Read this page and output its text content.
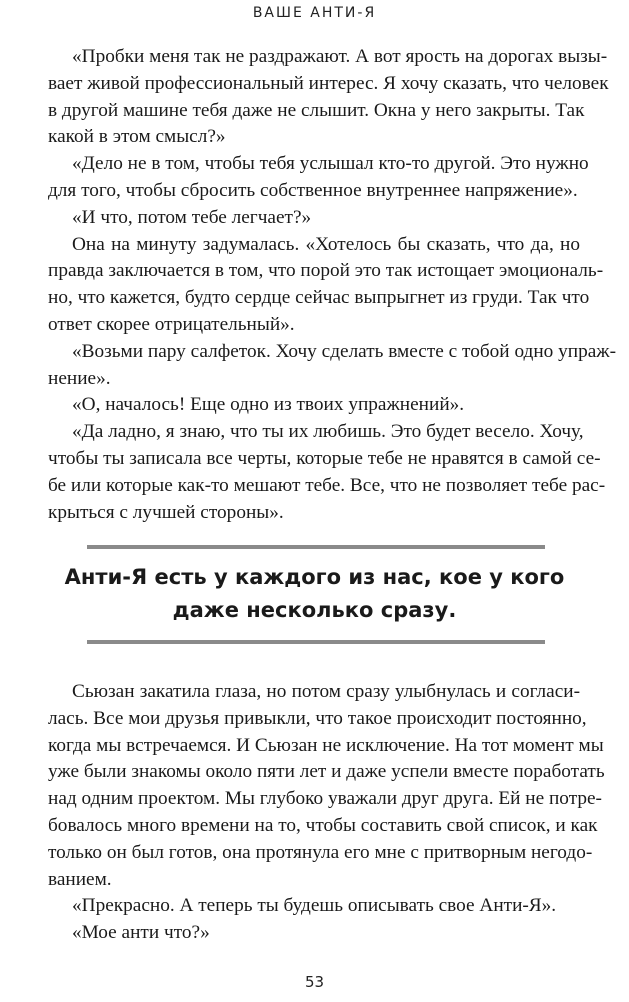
ВАШЕ АНТИ-Я
«Пробки меня так не раздражают. А вот ярость на дорогах вызы-
вает живой профессиональный интерес. Я хочу сказать, что человек
в другой машине тебя даже не слышит. Окна у него закрыты. Так
какой в этом смысл?»
«Дело не в том, чтобы тебя услышал кто-то другой. Это нужно
для того, чтобы сбросить собственное внутреннее напряжение».
«И что, потом тебе легчает?»
Она на минуту задумалась. «Хотелось бы сказать, что да, но
правда заключается в том, что порой это так истощает эмоциональ-
но, что кажется, будто сердце сейчас выпрыгнет из груди. Так что
ответ скорее отрицательный».
«Возьми пару салфеток. Хочу сделать вместе с тобой одно упраж-
нение».
«О, началось! Еще одно из твоих упражнений».
«Да ладно, я знаю, что ты их любишь. Это будет весело. Хочу,
чтобы ты записала все черты, которые тебе не нравятся в самой се-
бе или которые как-то мешают тебе. Все, что не позволяет тебе рас-
крыться с лучшей стороны».
Анти-Я есть у каждого из нас, кое у кого
даже несколько сразу.
Сьюзан закатила глаза, но потом сразу улыбнулась и согласи-
лась. Все мои друзья привыкли, что такое происходит постоянно,
когда мы встречаемся. И Сьюзан не исключение. На тот момент мы
уже были знакомы около пяти лет и даже успели вместе поработать
над одним проектом. Мы глубоко уважали друг друга. Ей не потре-
бовалось много времени на то, чтобы составить свой список, и как
только он был готов, она протянула его мне с притворным негодо-
ванием.
«Прекрасно. А теперь ты будешь описывать свое Анти-Я».
«Мое анти что?»
53
